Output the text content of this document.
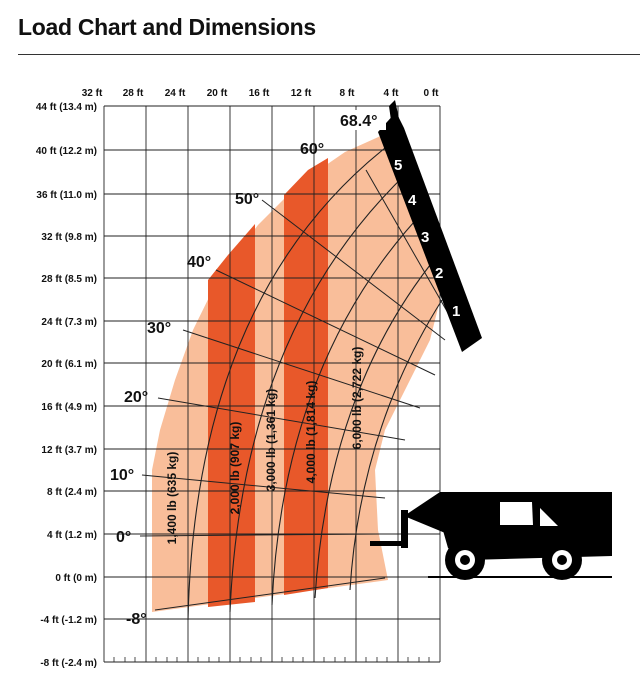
Load Chart and Dimensions
32 ft 28 ft 24 ft 20 ft 16 ft 12 ft	8 ft	4 ft	0 ft
44 ft (13.4 m)
40 ft (12.2 m)
36 ft (11.0 m)
32 ft (9.8 m)
28 ft (8.5 m)
24 ft (7.3 m)
20 ft (6.1 m)
16 ft (4.9 m)
12 ft (3.7 m)
8 ft (2.4 m)
4 ft (1.2 m)
0 ft (0 m)
-4 ft (-1.2 m)
-8 ft (-2.4 m)
68.4°
60°
50°
40°
30°
20°
10°
0°
-8°
1,400 lb (635 kg)	2,000 lb (907 kg) 3,000 lb (1,361 kg) 4,000 lb (1,814 kg)	6,000 lb (2,722 kg)
1
2
3
4
5
